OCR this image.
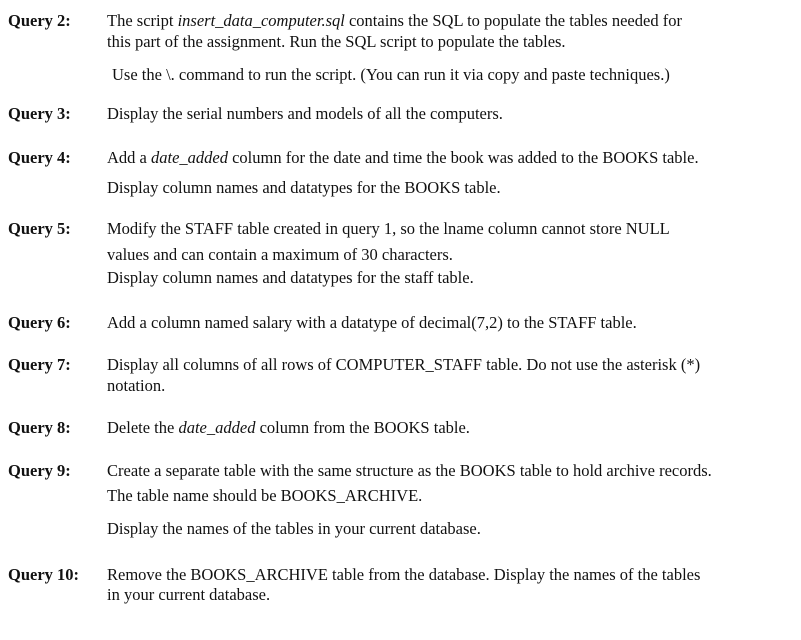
Query 2: The script insert_data_computer.sql contains the SQL to populate the tables needed for
this part of the assignment. Run the SQL script to populate the tables.
Use the \. command to run the script. (You can run it via copy and paste techniques.)
Query 3: Display the serial numbers and models of all the computers.
Query 4: Add a date_added column for the date and time the book was added to the BOOKS table.
Display column names and datatypes for the BOOKS table.
Query 5: Modify the STAFF table created in query 1, so the lname column cannot store NULL
values and can contain a maximum of 30 characters.
Display column names and datatypes for the staff table.
Query 6: Add a column named salary with a datatype of decimal(7,2) to the STAFF table.
Query 7: Display all columns of all rows of COMPUTER_STAFF table. Do not use the asterisk (*)
notation.
Query 8: Delete the date_added column from the BOOKS table.
Query 9: Create a separate table with the same structure as the BOOKS table to hold archive records.
The table name should be BOOKS_ARCHIVE.
Display the names of the tables in your current database.
Query 10: Remove the BOOKS_ARCHIVE table from the database. Display the names of the tables
in your current database.
